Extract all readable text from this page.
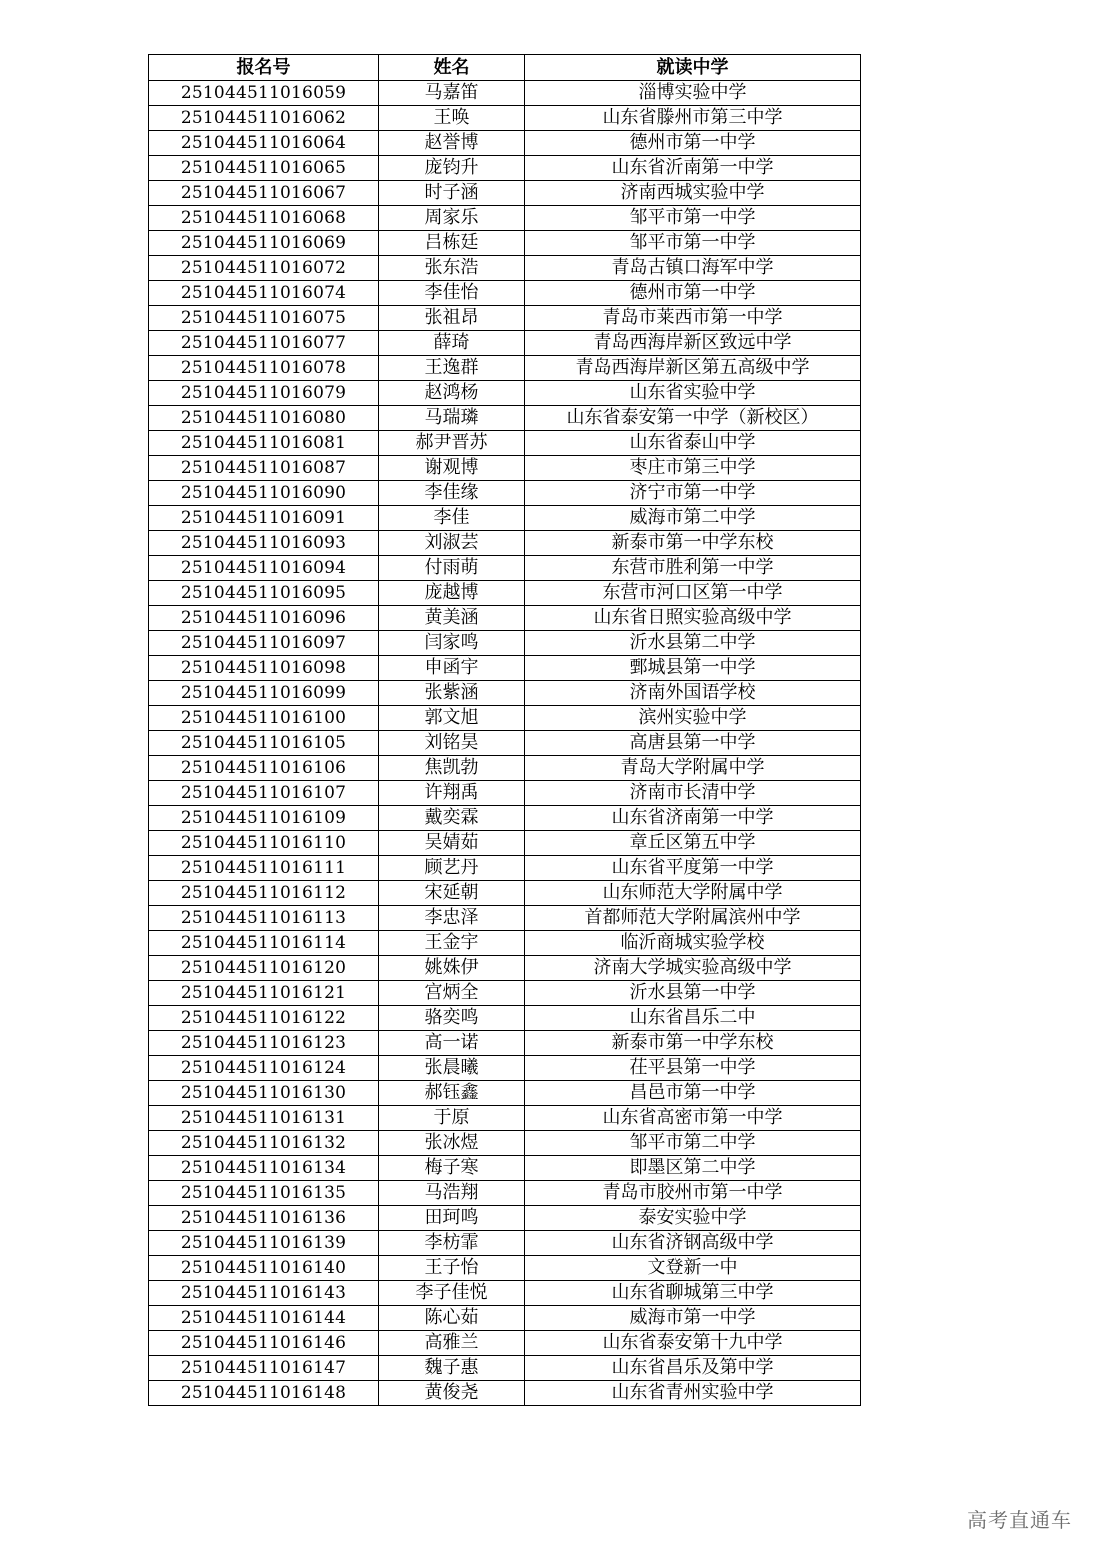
报名号	姓名	就读中学
251044511016059	马嘉笛	淄博实验中学
251044511016062	王唤	山东省滕州市第三中学
251044511016064	赵誉博	德州市第一中学
251044511016065	庞钧升	山东省沂南第一中学
251044511016067	时子涵	济南西城实验中学
251044511016068	周家乐	邹平市第一中学
251044511016069	吕栋廷	邹平市第一中学
251044511016072	张东浩	青岛古镇口海军中学
251044511016074	李佳怡	德州市第一中学
251044511016075	张祖昂	青岛市莱西市第一中学
251044511016077	薛琦	青岛西海岸新区致远中学
251044511016078	王逸群	青岛西海岸新区第五高级中学
251044511016079	赵鸿杨	山东省实验中学
251044511016080	马瑞璘	山东省泰安第一中学（新校区）
251044511016081	郝尹晋苏	山东省泰山中学
251044511016087	谢观博	枣庄市第三中学
251044511016090	李佳缘	济宁市第一中学
251044511016091	李佳	威海市第二中学
251044511016093	刘淑芸	新泰市第一中学东校
251044511016094	付雨萌	东营市胜利第一中学
251044511016095	庞越博	东营市河口区第一中学
251044511016096	黄美涵	山东省日照实验高级中学
251044511016097	闫家鸣	沂水县第二中学
251044511016098	申函宇	鄄城县第一中学
251044511016099	张紫涵	济南外国语学校
251044511016100	郭文旭	滨州实验中学
251044511016105	刘铭昊	高唐县第一中学
251044511016106	焦凯勃	青岛大学附属中学
251044511016107	许翔禹	济南市长清中学
251044511016109	戴奕霖	山东省济南第一中学
251044511016110	吴婧茹	章丘区第五中学
251044511016111	顾艺丹	山东省平度第一中学
251044511016112	宋延朝	山东师范大学附属中学
251044511016113	李忠泽	首都师范大学附属滨州中学
251044511016114	王金宇	临沂商城实验学校
251044511016120	姚姝伊	济南大学城实验高级中学
251044511016121	宫炳全	沂水县第一中学
251044511016122	骆奕鸣	山东省昌乐二中
251044511016123	高一诺	新泰市第一中学东校
251044511016124	张晨曦	茌平县第一中学
251044511016130	郝钰鑫	昌邑市第一中学
251044511016131	于原	山东省高密市第一中学
251044511016132	张冰煜	邹平市第二中学
251044511016134	梅子寒	即墨区第二中学
251044511016135	马浩翔	青岛市胶州市第一中学
251044511016136	田珂鸣	泰安实验中学
251044511016139	李枋霏	山东省济钢高级中学
251044511016140	王子怡	文登新一中
251044511016143	李子佳悦	山东省聊城第三中学
251044511016144	陈心茹	威海市第一中学
251044511016146	高雅兰	山东省泰安第十九中学
251044511016147	魏子惠	山东省昌乐及第中学
251044511016148	黄俊尧	山东省青州实验中学
高考直通车
